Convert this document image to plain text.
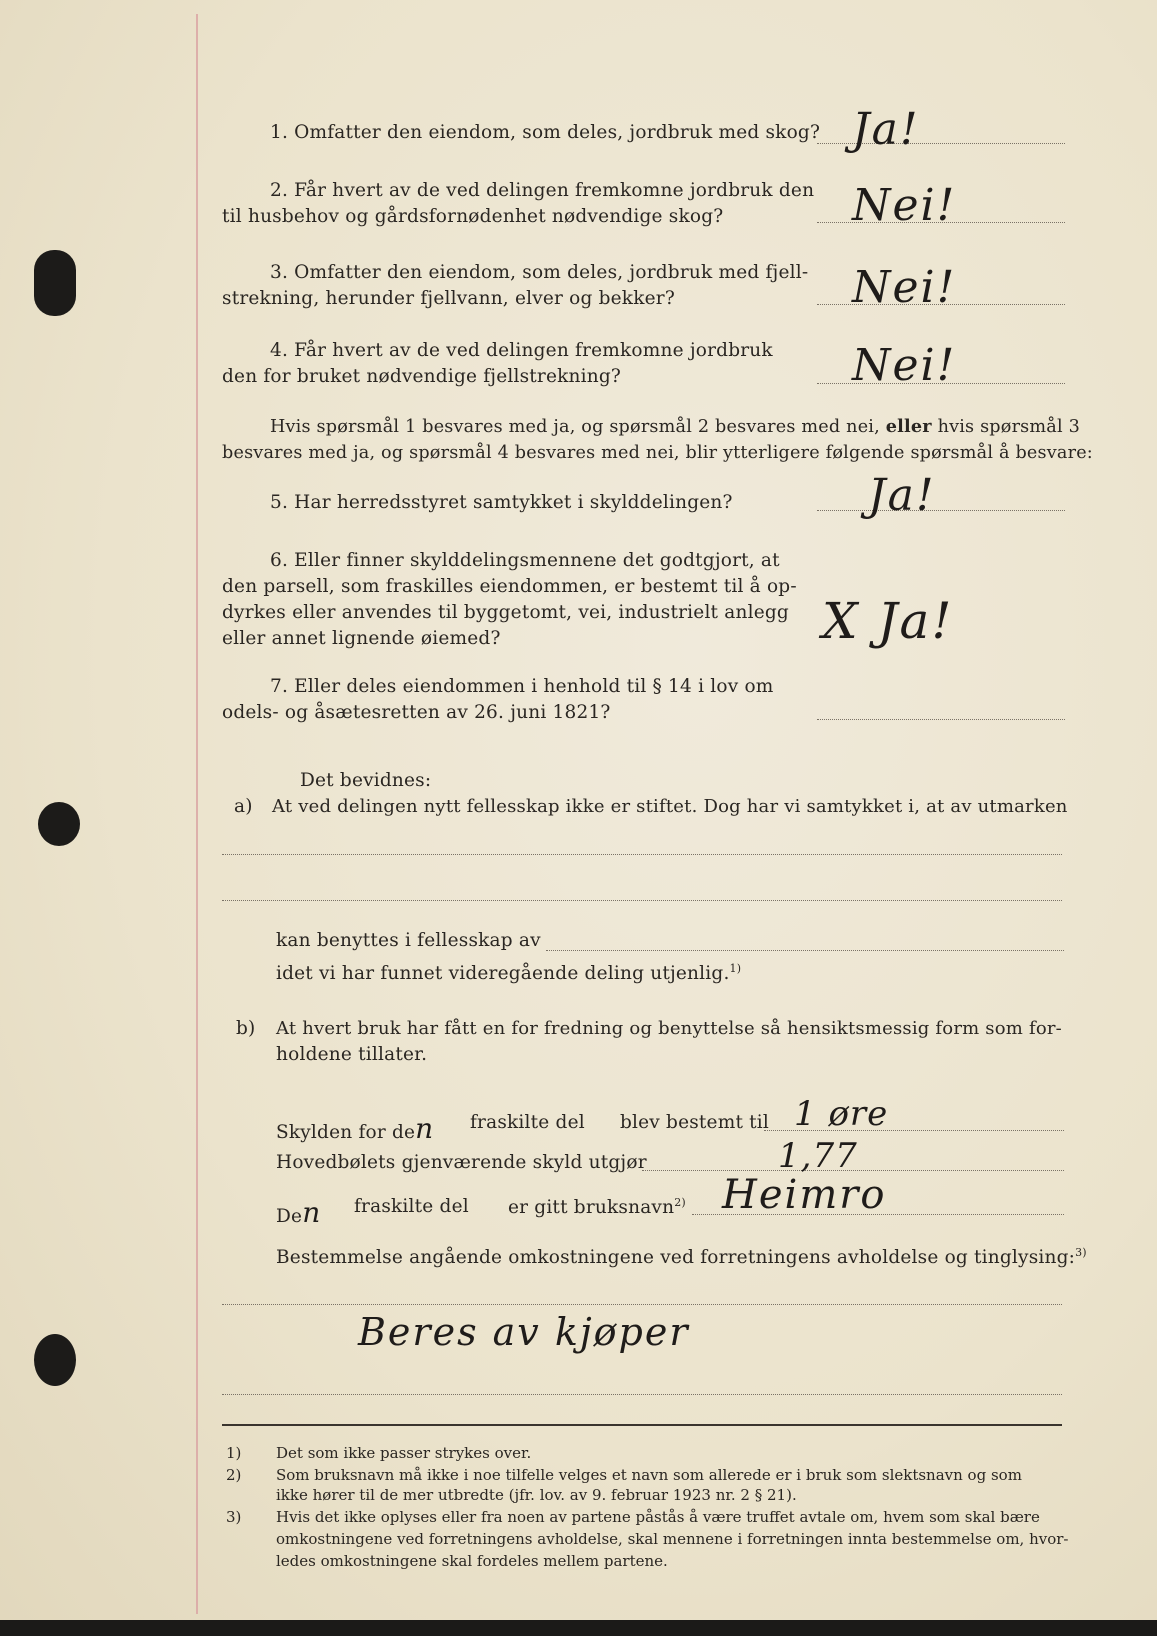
1. Omfatter den eiendom, som deles, jordbruk med skog? Ja!
2. Får hvert av de ved delingen fremkomne jordbruk den
til husbehov og gårdsfornødenhet nødvendige skog?	Nei!
3. Omfatter den eiendom, som deles, jordbruk med fjell-
strekning, herunder fjellvann, elver og bekker?	Nei!
4. Får hvert av de ved delingen fremkomne jordbruk
den for bruket nødvendige fjellstrekning?	Nei!
Hvis spørsmål 1 besvares med ja, og spørsmål 2 besvares med nei, eller hvis spørsmål 3
besvares med ja, og spørsmål 4 besvares med nei, blir ytterligere følgende spørsmål å besvare:
5. Har herredsstyret samtykket i skylddelingen?	Ja!
6. Eller finner skylddelingsmennene det godtgjort, at
den parsell, som fraskilles eiendommen, er bestemt til å op-
dyrkes eller anvendes til byggetomt, vei, industrielt anlegg
eller annet lignende øiemed?	X Ja!
7. Eller deles eiendommen i henhold til § 14 i lov om
odels- og åsætesretten av 26. juni 1821?
Det bevidnes:
a) At ved delingen nytt fellesskap ikke er stiftet. Dog har vi samtykket i, at av utmarken
kan benyttes i fellesskap av
idet vi har funnet videregående deling utjenlig.$^{1)}$
b) At hvert bruk har fått en for fredning og benyttelse så hensiktsmessig form som for-
holdene tillater.
Skylden for den fraskilte del blev bestemt til 1 øre
Hovedbølets gjenværende skyld utgjør	1,77
Den fraskilte del er gitt bruksnavn$^{2)}$ Heimro
Bestemmelse angående omkostningene ved forretningens avholdelse og tinglysing:$^{3)}$
Beres av kjøper
1) Det som ikke passer strykes over.
2) Som bruksnavn må ikke i noe tilfelle velges et navn som allerede er i bruk som slektsnavn og som
ikke hører til de mer utbredte (jfr. lov. av 9. februar 1923 nr. 2 § 21).
3) Hvis det ikke oplyses eller fra noen av partene påstås å være truffet avtale om, hvem som skal bære
omkostningene ved forretningens avholdelse, skal mennene i forretningen innta bestemmelse om, hvor-
ledes omkostningene skal fordeles mellem partene.
